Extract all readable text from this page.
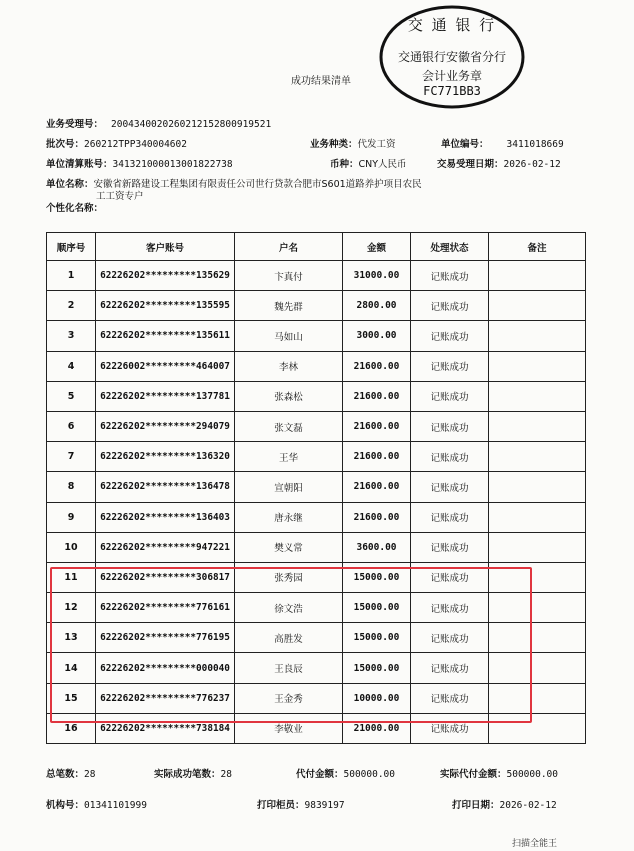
成功结果清单
交 通 银 行
交通银行安徽省分行
会计业务章
FC771BB3
业务受理号： 200434002026021215280091952​1
批次号：260212TPP340004602	业务种类：代发工资	单位编号： 3411018669
单位清算账号：341321000013001822738	币种：CNY人民币	交易受理日期：2026-02-12
单位名称：安徽省新路建设工程集团有限责任公司世行贷款合肥市S601道路养护项目农民
工工资专户
个性化名称：
顺序号	客户账号	户名	金额	处理状态	备注
1	62226202*********135629	卞真付	31000.00	记账成功	
2	62226202*********135595	魏先群	2800.00	记账成功	
3	62226202*********135611	马如山	3000.00	记账成功	
4	62226002*********464007	李林	21600.00	记账成功	
5	62226202*********137781	张森松	21600.00	记账成功	
6	62226202*********294079	张文磊	21600.00	记账成功	
7	62226202*********136320	王华	21600.00	记账成功	
8	62226202*********136478	宣朝阳	21600.00	记账成功	
9	62226202*********136403	唐永继	21600.00	记账成功	
10	62226202*********947221	樊义常	3600.00	记账成功	
11	62226202*********306817	张秀园	15000.00	记账成功	
12	62226202*********776161	徐文浩	15000.00	记账成功	
13	62226202*********776195	高胜发	15000.00	记账成功	
14	62226202*********000040	王良辰	15000.00	记账成功	
15	62226202*********776237	王金秀	10000.00	记账成功	
16	62226202*********738184	李敬业	21000.00	记账成功	
总笔数：28	实际成功笔数：28	代付金额：500000.00	实际代付金额：500000.00
机构号：01341101999	打印柜员：9839197	打印日期：2026-02-12
扫描全能王
